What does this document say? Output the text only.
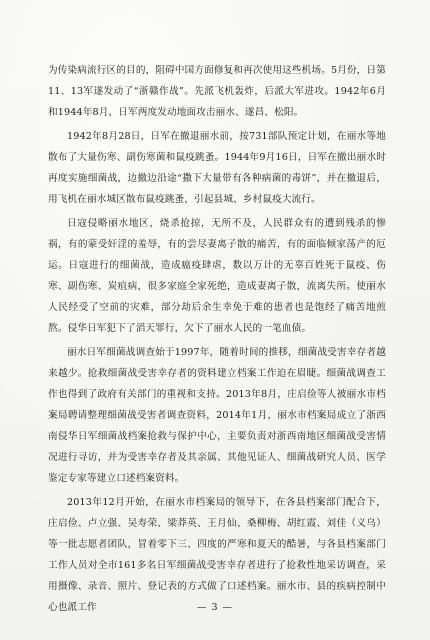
为传染病流行区的目的，阻碍中国方面修复和再次使用这些机场。5月份，日第11、13军遂发动了“浙赣作战”。先派飞机轰炸，后派大军进攻。1942年6月和1944年8月，日军两度发动地面攻击丽水、遂昌、松阳。

1942年8月28日，日军在撤退丽水前，按731部队预定计划，在丽水等地散布了大量伤寒、副伤寒菌和鼠疫跳蚤。1944年9月16日，日军在撤出丽水时再度实施细菌战，边撤边沿途“撒下大量带有各种病菌的毒饼”，并在撤退后，用飞机在丽水城区散布鼠疫跳蚤，引起县城、乡村鼠疫大流行。

日寇侵略丽水地区，烧杀抢掠，无所不及，人民群众有的遭到残杀的惨祸，有的蒙受奸淫的羞辱，有的尝尽妻离子散的痛苦，有的面临倾家荡产的厄运。日寇进行的细菌战，造成瘟疫肆虐，数以万计的无辜百姓死于鼠疫、伤寒、副伤寒、炭疽病，很多家庭全家死绝，造成妻离子散，流离失所。使丽水人民经受了空前的灾难，部分劫后余生幸免于难的患者也是饱经了痛苦地煎熬。侵华日军犯下了滔天罪行，欠下了丽水人民的一笔血债。

丽水日军细菌战调查始于1997年，随着时间的推移，细菌战受害幸存者越来越少。抢救细菌战受害幸存者的资料建立档案工作迫在眉睫。细菌战调查工作也得到了政府有关部门的重视和支持。2013年8月，庄启俭等人被丽水市档案局聘请整理细菌战受害者调查资料，2014年1月，丽水市档案局成立了浙西南侵华日军细菌战档案抢救与保护中心，主要负责对浙西南地区细菌战受害情况进行寻访，并为受害幸存者及其亲属、其他见证人、细菌战研究人员、医学鉴定专家等建立口述档案资料。

2013年12月开始，在丽水市档案局的领导下，在各县档案部门配合下，庄启俭、卢立强、吴寿荣、梁莽英、王月仙、桑柳梅、胡红霞、刘佳（义乌）等一批志愿者团队，冒着零下三、四度的严寒和夏天的酷暑，与各县档案部门工作人员对全市161多名日军细菌战受害幸存者进行了抢救性地采访调查，采用摄像、录音、照片、登记表的方式做了口述档案。丽水市、县的疾病控制中心也派工作	— 3 —
